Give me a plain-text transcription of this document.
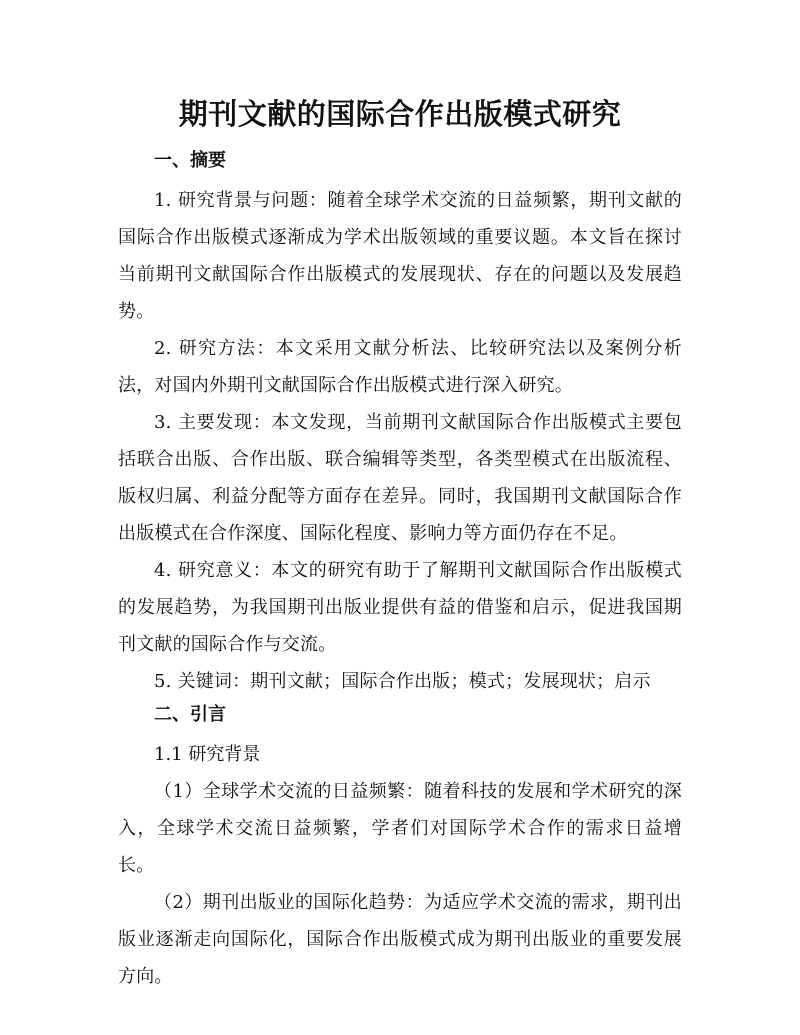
期刊文献的国际合作出版模式研究
一、摘要

1. 研究背景与问题：随着全球学术交流的日益频繁，期刊文献的国际合作出版模式逐渐成为学术出版领域的重要议题。本文旨在探讨当前期刊文献国际合作出版模式的发展现状、存在的问题以及发展趋势。

2. 研究方法：本文采用文献分析法、比较研究法以及案例分析法，对国内外期刊文献国际合作出版模式进行深入研究。

3. 主要发现：本文发现，当前期刊文献国际合作出版模式主要包括联合出版、合作出版、联合编辑等类型，各类型模式在出版流程、版权归属、利益分配等方面存在差异。同时，我国期刊文献国际合作出版模式在合作深度、国际化程度、影响力等方面仍存在不足。

4. 研究意义：本文的研究有助于了解期刊文献国际合作出版模式的发展趋势，为我国期刊出版业提供有益的借鉴和启示，促进我国期刊文献的国际合作与交流。

5. 关键词：期刊文献；国际合作出版；模式；发展现状；启示

二、引言

1.1 研究背景

（1）全球学术交流的日益频繁：随着科技的发展和学术研究的深入，全球学术交流日益频繁，学者们对国际学术合作的需求日益增长。

（2）期刊出版业的国际化趋势：为适应学术交流的需求，期刊出版业逐渐走向国际化，国际合作出版模式成为期刊出版业的重要发展方向。
